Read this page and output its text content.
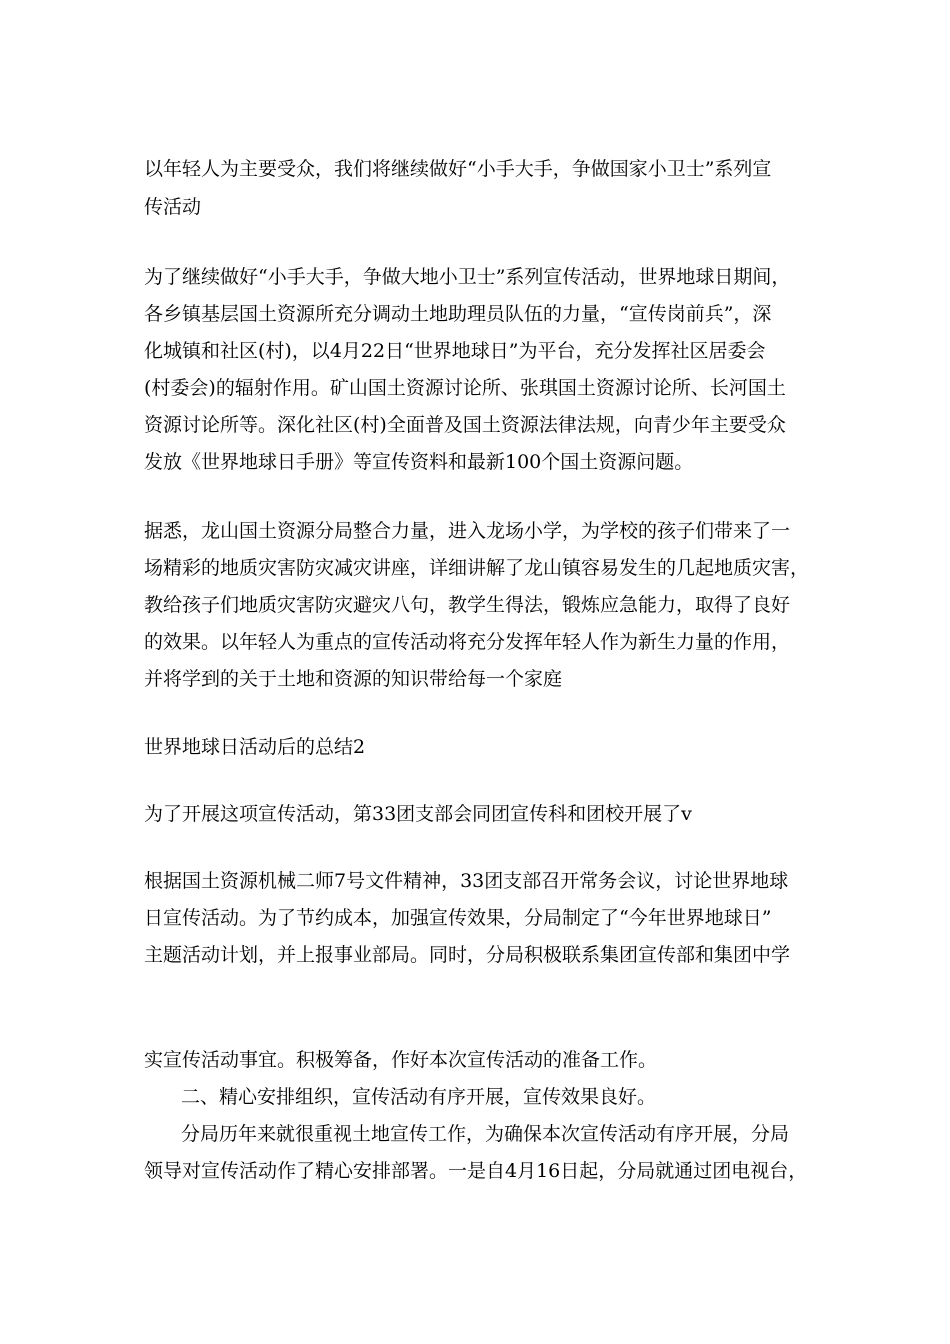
以年轻人为主要受众，我们将继续做好“小手大手，争做国家小卫士”系列宣
传活动
为了继续做好“小手大手，争做大地小卫士”系列宣传活动，世界地球日期间，
各乡镇基层国土资源所充分调动土地助理员队伍的力量，“宣传岗前兵”，深
化城镇和社区(村)，以4月22日“世界地球日”为平台，充分发挥社区居委会
(村委会)的辐射作用。矿山国土资源讨论所、张琪国土资源讨论所、长河国土
资源讨论所等。深化社区(村)全面普及国土资源法律法规，向青少年主要受众
发放《世界地球日手册》等宣传资料和最新100个国土资源问题。
据悉，龙山国土资源分局整合力量，进入龙场小学，为学校的孩子们带来了一
场精彩的地质灾害防灾减灾讲座，详细讲解了龙山镇容易发生的几起地质灾害，
教给孩子们地质灾害防灾避灾八句，教学生得法，锻炼应急能力，取得了良好
的效果。以年轻人为重点的宣传活动将充分发挥年轻人作为新生力量的作用，
并将学到的关于土地和资源的知识带给每一个家庭
世界地球日活动后的总结2
为了开展这项宣传活动，第33团支部会同团宣传科和团校开展了v
根据国土资源机械二师7号文件精神，33团支部召开常务会议，讨论世界地球
日宣传活动。为了节约成本，加强宣传效果，分局制定了“今年世界地球日”
主题活动计划，并上报事业部局。同时，分局积极联系集团宣传部和集团中学
实宣传活动事宜。积极筹备，作好本次宣传活动的准备工作。
二、精心安排组织，宣传活动有序开展，宣传效果良好。
分局历年来就很重视土地宣传工作，为确保本次宣传活动有序开展，分局
领导对宣传活动作了精心安排部署。一是自4月16日起，分局就通过团电视台，
